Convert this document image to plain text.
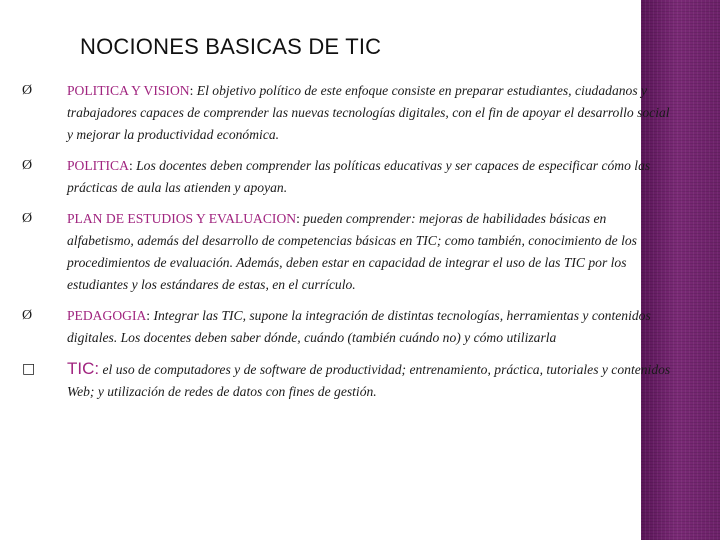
NOCIONES BASICAS DE TIC
Ø	POLITICA Y VISION: El objetivo político de este enfoque consiste en preparar estudiantes, ciudadanos y trabajadores capaces de comprender las nuevas tecnologías digitales, con el fin de apoyar el desarrollo social y mejorar la productividad económica.
Ø	POLITICA: Los docentes deben comprender las políticas educativas y ser capaces de especificar cómo las prácticas de aula las atienden y apoyan.
Ø	PLAN DE ESTUDIOS Y EVALUACION: pueden comprender: mejoras de habilidades básicas en alfabetismo, además del desarrollo de competencias básicas en TIC; como también, conocimiento de los procedimientos de evaluación. Además, deben estar en capacidad de integrar el uso de las TIC por los estudiantes y los estándares de estas, en el currículo.
Ø	PEDAGOGIA: Integrar las TIC, supone la integración de distintas tecnologías, herramientas y contenidos digitales. Los docentes deben saber dónde, cuándo (también cuándo no) y cómo utilizarla
□ TIC: el uso de computadores y de software de productividad; entrenamiento, práctica, tutoriales y contenidos Web; y utilización de redes de datos con fines de gestión.
